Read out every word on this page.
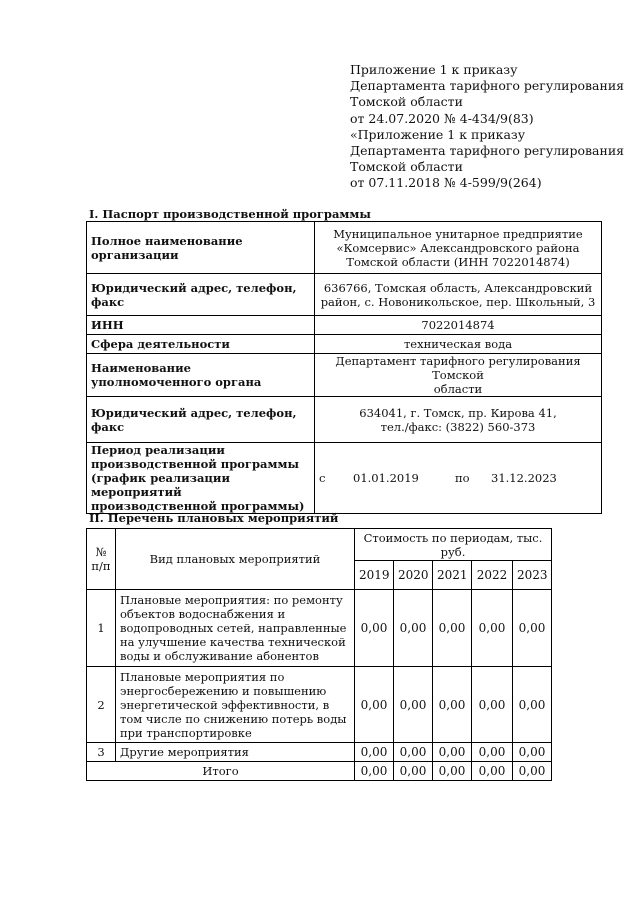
Приложение 1 к приказу
Департамента тарифного регулирования
Томской области
от 24.07.2020 № 4-434/9(83)
«Приложение 1 к приказу
Департамента тарифного регулирования
Томской области
от 07.11.2018 № 4-599/9(264)
I. Паспорт производственной программы
Полное наименование организации	Муниципальное унитарное предприятие
«Комсервис» Александровского района
Томской области (ИНН 7022014874)

Юридический адрес, телефон, факс	636766, Томская область, Александровский
район, с. Новоникольское, пер. Школьный, 3

ИНН	7022014874
Сфера деятельности	техническая вода
Наименование уполномоченного органа	Департамент тарифного регулирования Томской
области

Юридический адрес, телефон, факс	634041, г. Томск, пр. Кирова 41,
тел./факс: (3822) 560-373

Период реализации производственной программы (график реализации мероприятий производственной программы)	с 01.01.2019 по 31.12.2023
II. Перечень плановых мероприятий
№ п/п	Вид плановых мероприятий	Стоимость по периодам, тыс. руб.				
		2019	2020	2021	2022	2023
1	Плановые мероприятия: по ремонту объектов водоснабжения и водопроводных сетей, направленные на улучшение качества технической воды и обслуживание абонентов	0,00	0,00	0,00	0,00	0,00
2	Плановые мероприятия по энергосбережению и повышению энергетической эффективности, в том числе по снижению потерь воды при транспортировке	0,00	0,00	0,00	0,00	0,00
3	Другие мероприятия	0,00	0,00	0,00	0,00	0,00
Итого		0,00	0,00	0,00	0,00	0,00
